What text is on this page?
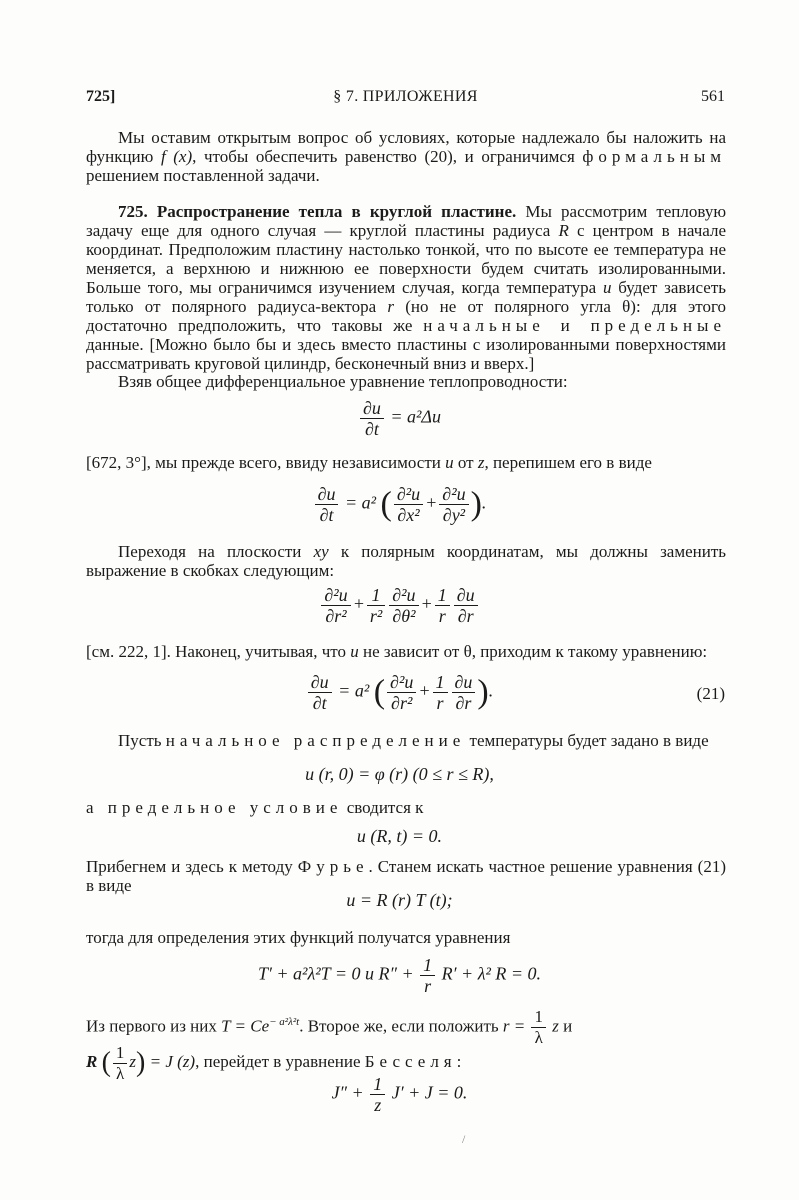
725]	§ 7. ПРИЛОЖЕНИЯ	561

Мы оставим открытым вопрос об условиях, которые надлежало бы наложить на функцию f (x), чтобы обеспечить равенство (20), и ограничимся формальным решением поставленной задачи.

725. Распространение тепла в круглой пластине. Мы рассмотрим тепловую задачу еще для одного случая — круглой пластины радиуса R с центром в начале координат. Предположим пластину настолько тонкой, что по высоте ее температура не меняется, а верхнюю и нижнюю ее поверхности будем считать изолированными. Больше того, мы ограничимся изучением случая, когда температура u будет зависеть только от полярного радиуса-вектора r (но не от полярного угла θ): для этого достаточно предположить, что таковы же начальные и предельные данные. [Можно было бы и здесь вместо пластины с изолированными поверхностями рассматривать круговой цилиндр, бесконечный вниз и вверх.]

Взяв общее дифференциальное уравнение теплопроводности:

$\frac{\partial u}{\partial t} = a^2\Delta u$

[672, 3°], мы прежде всего, ввиду независимости u от z, перепишем его в виде

$\frac{\partial u}{\partial t} = a^2$ ( $\frac{\text{∂²u}}{\text{∂x²}} + \frac{\text{∂²u}}{\text{∂y²}}$ ).

Переходя на плоскости xy к полярным координатам, мы должны заменить выражение в скобках следующим:

$\frac{\text{∂²u}}{\text{∂r²}} + \frac{1}{\text{r²}} \frac{\text{∂²u}}{\text{∂θ²}} + \frac{1}{r} \frac{\partial u}{\partial r}$

[см. 222, 1]. Наконец, учитывая, что u не зависит от θ, приходим к такому уравнению:

$\frac{\partial u}{\partial t} = a^2$ ( $\frac{\text{∂²u}}{\text{∂r²}} + \frac{1}{r} \frac{\partial u}{\partial r}$ ).	(21)

Пусть начальное распределение температуры будет задано в виде

u (r, 0) = φ (r) (0 ≤ r ≤ R),

а предельное условие сводится к

u (R, t) = 0.

Прибегнем и здесь к методу Фурье. Станем искать частное решение уравнения (21) в виде

u = R (r) T (t);

тогда для определения этих функций получатся уравнения

T′ + a²λ²T = 0 и $R'' + \frac{1}{r} R' + \lambda^2$ R = 0.

Из первого из них $T = Ce^{- a^2\lambda^2t}$. Второе же, если положить $r = \frac{1}{\lambda}$ z и

R ( $\frac{1}{\lambda} z) = J$ (z), перейдет в уравнение Бесселя:

$J'' + \frac{1}{z} J' + J = 0$.
/
